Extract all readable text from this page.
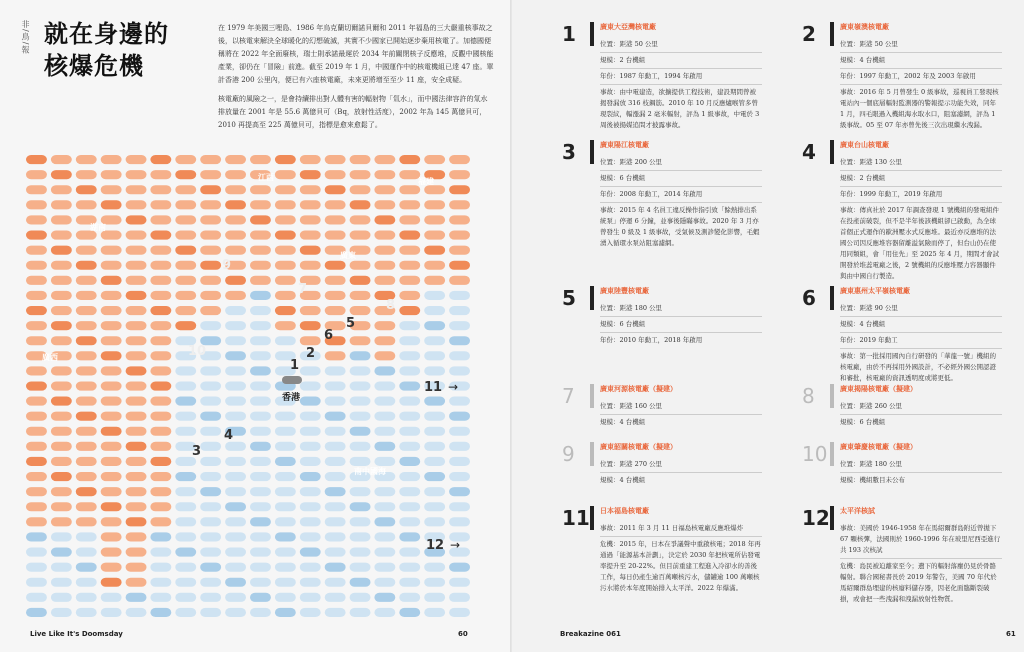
非/鳥/報 就在身邊的
核爆危機

在 1979 年美國三哩島、1986 年烏克蘭切爾諾貝爾和 2011 年福島的三大嚴重核事故之後，以核電來解決全球暖化的幻想破滅，其實不少國家已開始逐步棄用核電了。加德國便稱將在 2022 年全面廢核，瑞士則承諾最遲於 2034 年前關閉核子反應堆，反觀中國核能產業，卻仍在「冒險」前進。截至 2019 年 1 月，中國運作中的核電機組已達 47 座。單計香港 200 公里內，便已有六座核電廠，未來更將增至至少 11 座，安全成疑。

核電廠的風險之一，是會持續排出對人體有害的輻射物「氚水」，而中國法律容許的氚水排放量在 2001 年是 55.6 萬億貝可（Bq，放射性活度），2002 年為 145 萬億貝可，2010 再提高至 225 萬億貝可，指標是愈來愈鬆了。

江西	福建
湖南
廣東
廣西
南中國海
香港
1
2
3
4
5
6
7
8
9
10
11 →
12 →
Live Like It's Doomsday	60	Breakazine 061	61
1	廣東大亞灣核電廠
位置：距港 50 公里
規模：2 台機組
年份：1987 年動工，1994 年啟用
事故：由中電建造，欲擴提供工程技術，建設期間曾被揭發漏放 316 枝鋼筋。2010 年 10 月反應爐喉管多曾現裂紋，輻漲漏 2 毫米輻射，評為 1 級事故，中電於 3 周後被揚媒追問才披露事故。
2	廣東嶺澳核電廠
位置：距港 50 公里
規模：4 台機組
年份：1997 年動工，2002 年及 2003 年啟用
事故：2016 年 5 月曾發生 0 級事故，巡視員工發現核電站內一個底層輻射監測器的警報提示功能失效，同年 1 月，四毛眼過入機組海水取水口，阻塞濾網，評為 1 級事故。05 至 07 年亦曾先後三次出現繼水洩漏。
3	廣東陽江核電廠
位置：距港 200 公里
規模：6 台機組
年份：2008 年動工，2014 年啟用
事故：2015 年 4 名員工違反操作指引致「餘熱排出系統泵」停運 6 分鐘，並事後隱瞞事故。2020 年 3 月亦曾發生 0 級及 1 級事故，受氣候及測診變化影響，毛蝦湧入循環水泵站阻塞濾網。
4	廣東台山核電廠
位置：距港 130 公里
規模：2 台機組
年份：1999 年動工，2019 年啟用
事故：傳真社於 2017 年調查發現 1 號機組的發電組件在投產前破裂，但不是半年後該機組卻已啟動，為全球首個正式運作的歐洲壓水式反應堆。最近亦反應堆的法國公司因反應堆容器留離溢氣險而停了，但台山仍在使用同類組，會「用住先」至 2025 年 4 月，期間才會試開發於堆蕊電廠之後，2 號機組的反應堆壓力容器顯件與由中國自行製造。
5	廣東陸豐核電廠
位置：距港 180 公里
規模：6 台機組
年份：2010 年動工，2018 年啟用
6	廣東惠州太平嶺核電廠
位置：距港 90 公里
規模：4 台機組
年份：2019 年動工
事故：第一批採用國內自行研發的「華龍一號」機組的核電廠，由於不再採用外國設計，不必經外國公開認證和審批，核電廠的資訊透明度或將更低。
7	廣東河源核電廠（擬建）
位置：距港 160 公里
規模：4 台機組
8	廣東揭陽核電廠（擬建）
位置：距港 260 公里
規模：6 台機組
9	廣東韶關核電廠（擬建）
位置：距港 270 公里
規模：4 台機組
10 廣東肇慶核電廠（擬建）
位置：距港 180 公里
規模：機組數目未公布
11 日本福島核電廠
事故：2011 年 3 月 11 日福島核電廠反應堆爆炸
危機：2015 年，日本在爭議聲中重啟核電；2018 年再通過「能源基本計劃」，決定於 2030 年把核電所佔發電率提升至 20-22%。但目前重建工程進入冷卻水的善後工作，每日仍產生逾百萬噸核污水，儲罐逾 100 萬噸核污水將於本年度開始排入太平洋。2022 年爆滿。
12 太平洋核試
事故：美國於 1946-1958 年在馬紹爾群島附近曾拋下 67 顆核彈，法國則於 1960-1996 年在玻里尼西亞進行共 193 次核試
危機：島民被迫離家至今；遺下的輻射落塵仍見於骨骼輻射。聯合國秘書長於 2019 年警告，美國 70 年代於馬紹爾群島埋建的核廢料儲存器，因老化面臨斷裂破損，或會把一些洩漏和洩漏放射性物質。
